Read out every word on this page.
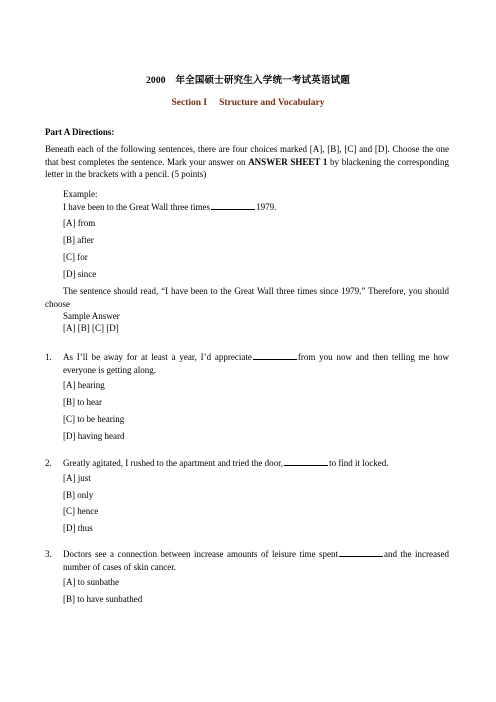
2000　年全国硕士研究生入学统一考试英语试题
Section I Structure and Vocabulary
Part A Directions:
Beneath each of the following sentences, there are four choices marked [A], [B], [C] and [D]. Choose the one that best completes the sentence. Mark your answer on ANSWER SHEET 1 by blackening the corresponding letter in the brackets with a pencil. (5 points)
Example:
I have been to the Great Wall three times	1979.
[A] from
[B] after
[C] for
[D] since
The sentence should read, “I have been to the Great Wall three times since 1979.” Therefore, you should choose
Sample Answer
[A] [B] [C] [D]
1. As I’ll be away for at least a year, I’d appreciate	from you now and then telling me how everyone is getting along.
[A] hearing
[B] to hear
[C] to be hearing
[D] having heard
2. Greatly agitated, I rushed to the apartment and tried the door,	to find it locked.
[A] just
[B] only
[C] hence
[D] thus
3. Doctors see a connection between increase amounts of leisure time spent	and the increased number of cases of skin cancer.
[A] to sunbathe
[B] to have sunbathed
